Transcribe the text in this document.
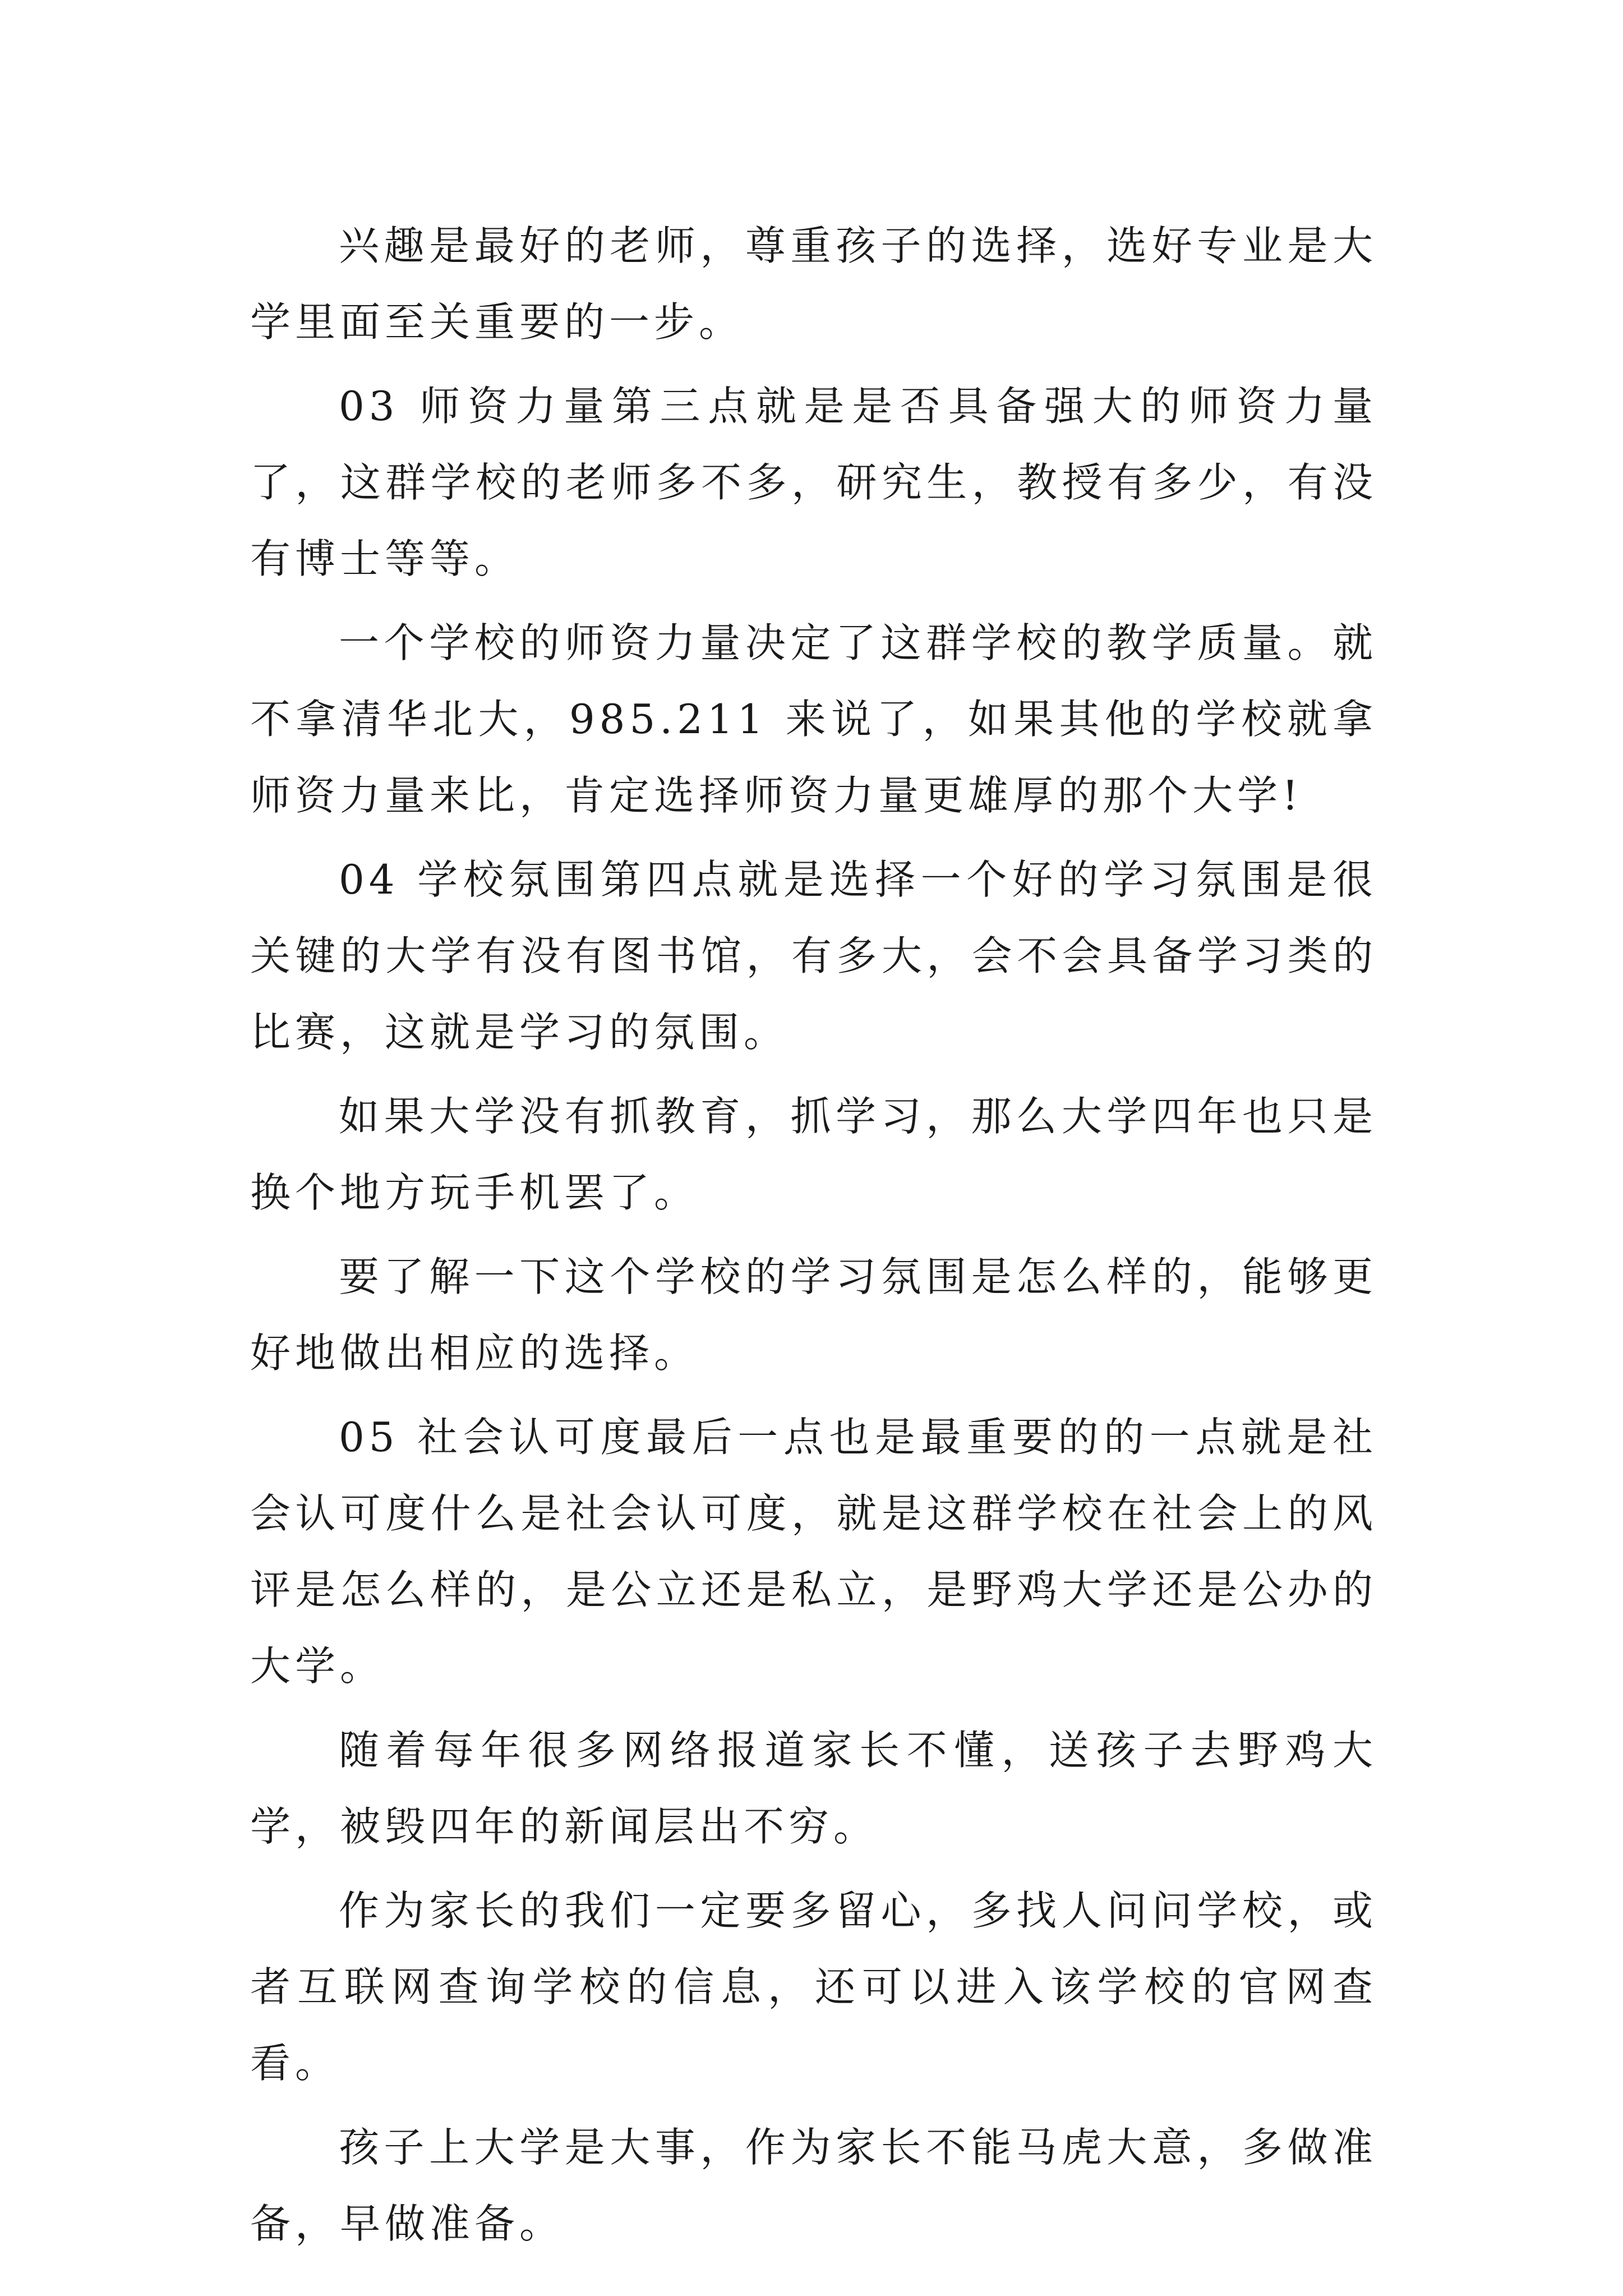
兴趣是最好的老师，尊重孩子的选择，选好专业是大学里面至关重要的一步。

03 师资力量第三点就是是否具备强大的师资力量了，这群学校的老师多不多，研究生，教授有多少，有没有博士等等。

一个学校的师资力量决定了这群学校的教学质量。就不拿清华北大，985.211 来说了，如果其他的学校就拿师资力量来比，肯定选择师资力量更雄厚的那个大学!

04 学校氛围第四点就是选择一个好的学习氛围是很关键的大学有没有图书馆，有多大，会不会具备学习类的比赛，这就是学习的氛围。

如果大学没有抓教育，抓学习，那么大学四年也只是换个地方玩手机罢了。

要了解一下这个学校的学习氛围是怎么样的，能够更好地做出相应的选择。

05 社会认可度最后一点也是最重要的的一点就是社会认可度什么是社会认可度，就是这群学校在社会上的风评是怎么样的，是公立还是私立，是野鸡大学还是公办的大学。

随着每年很多网络报道家长不懂，送孩子去野鸡大学，被毁四年的新闻层出不穷。

作为家长的我们一定要多留心，多找人问问学校，或者互联网查询学校的信息，还可以进入该学校的官网查看。

孩子上大学是大事，作为家长不能马虎大意，多做准备，早做准备。
